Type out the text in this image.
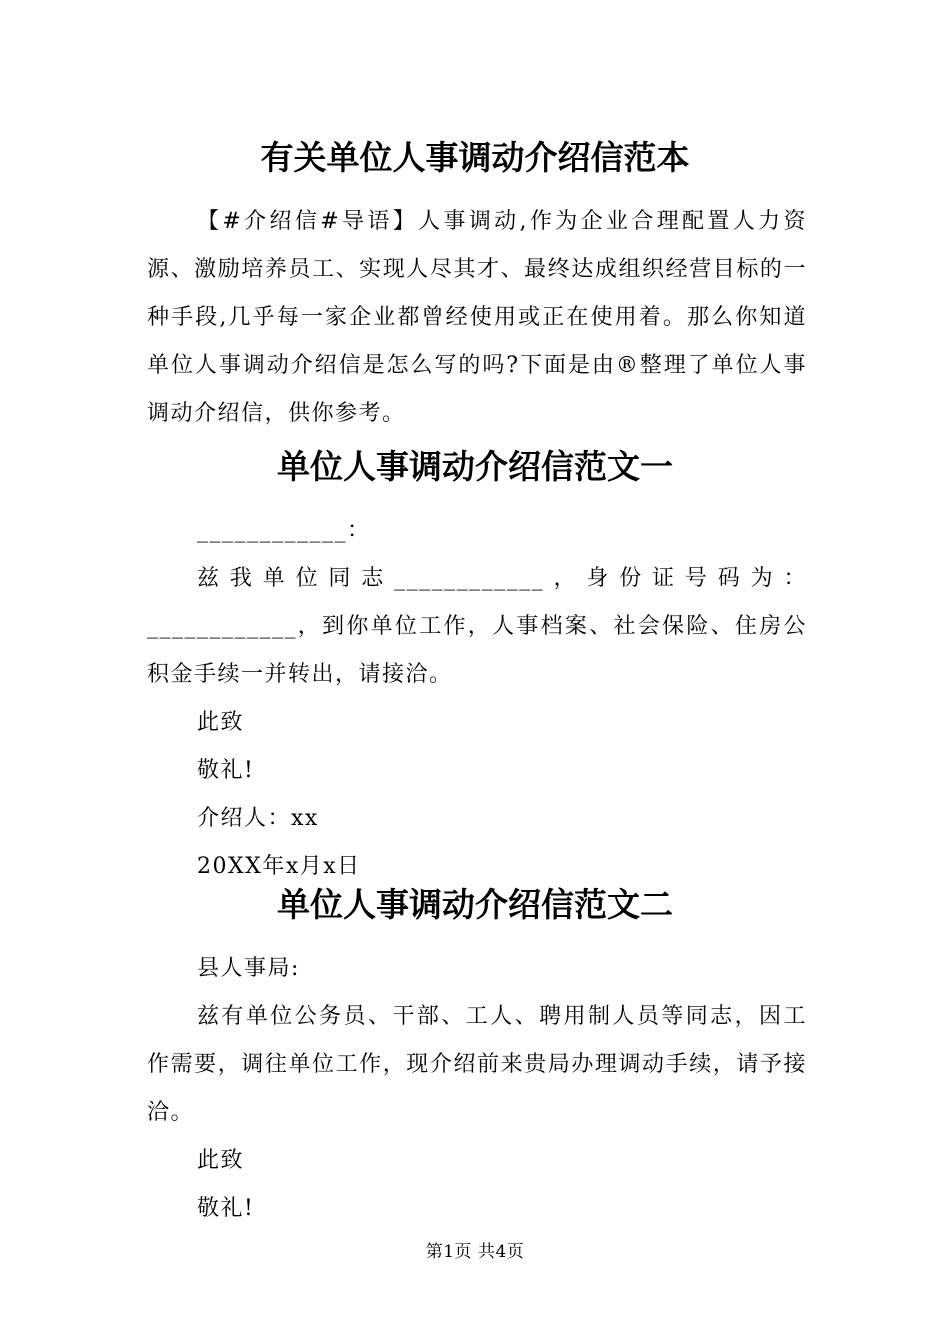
有关单位人事调动介绍信范本

【#介绍信#导语】人事调动,作为企业合理配置人力资源、激励培养员工、实现人尽其才、最终达成组织经营目标的一种手段,几乎每一家企业都曾经使用或正在使用着。那么你知道单位人事调动介绍信是怎么写的吗?下面是由®整理了单位人事调动介绍信，供你参考。

单位人事调动介绍信范文一

____________：

兹我单位同志____________，身份证号码为：____________，到你单位工作，人事档案、社会保险、住房公积金手续一并转出，请接洽。

此致

敬礼!

介绍人：xx

20XX年x月x日

单位人事调动介绍信范文二

县人事局:

兹有单位公务员、干部、工人、聘用制人员等同志，因工作需要，调往单位工作，现介绍前来贵局办理调动手续，请予接洽。

此致

敬礼!

第1页 共4页
